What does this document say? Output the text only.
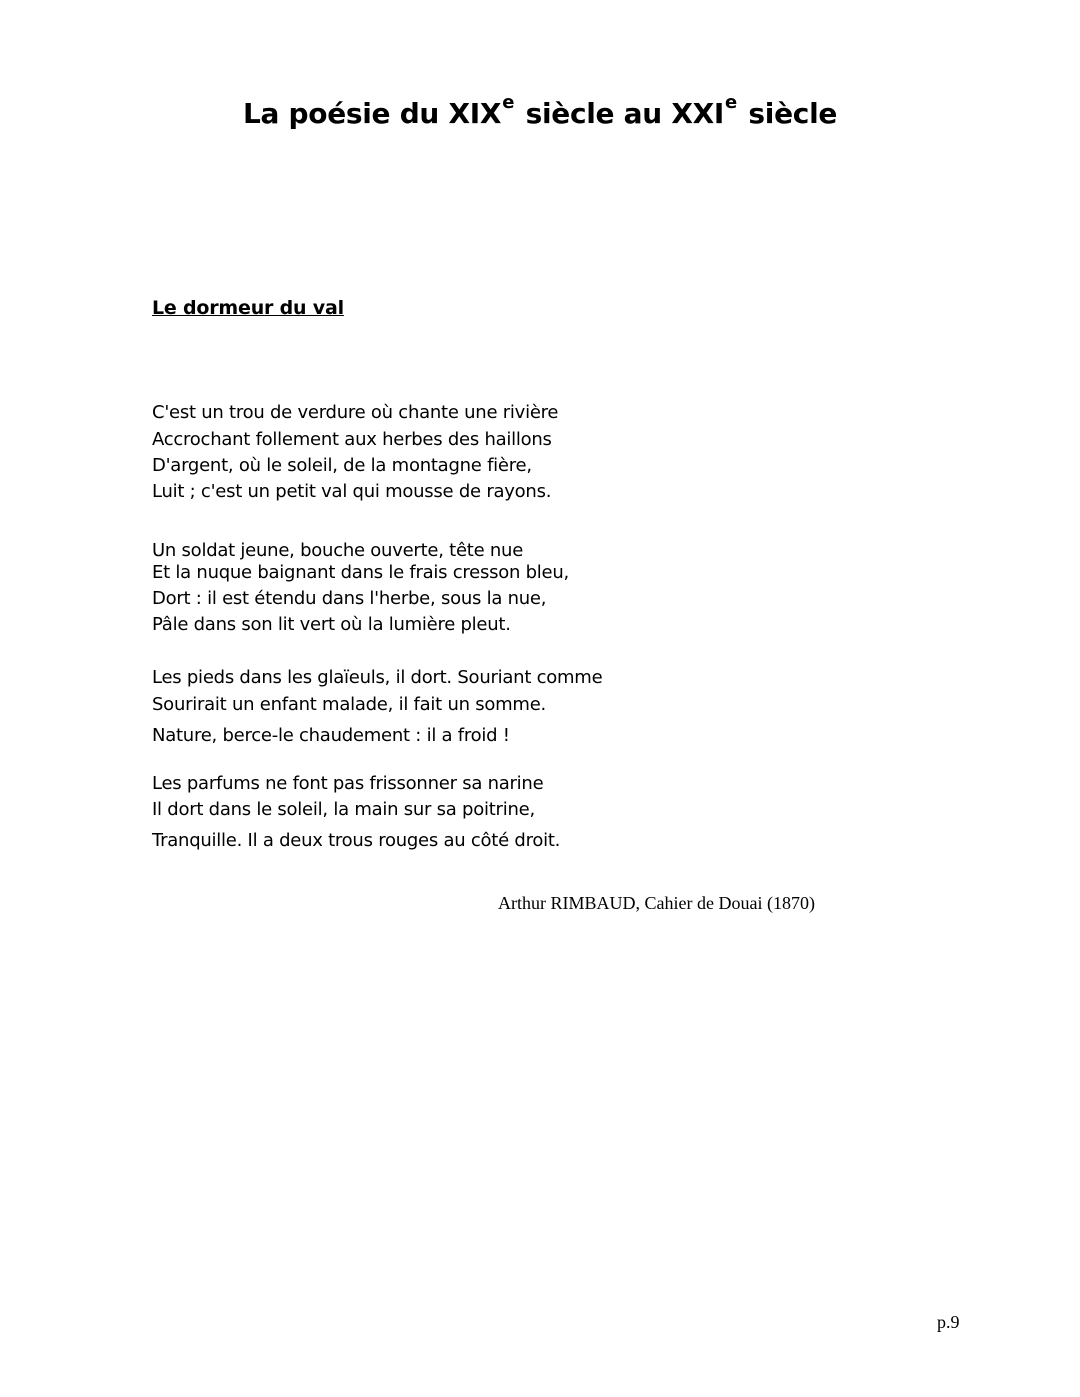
La poésie du XIXe siècle au XXIe siècle
Le dormeur du val
C'est un trou de verdure où chante une rivière
Accrochant follement aux herbes des haillons
D'argent, où le soleil, de la montagne fière,
Luit ; c'est un petit val qui mousse de rayons.
Un soldat jeune, bouche ouverte, tête nue
Et la nuque baignant dans le frais cresson bleu,
Dort : il est étendu dans l'herbe, sous la nue,
Pâle dans son lit vert où la lumière pleut.
Les pieds dans les glaïeuls, il dort. Souriant comme
Sourirait un enfant malade, il fait un somme.
Nature, berce-le chaudement : il a froid !
Les parfums ne font pas frissonner sa narine
Il dort dans le soleil, la main sur sa poitrine,
Tranquille. Il a deux trous rouges au côté droit.
Arthur RIMBAUD, Cahier de Douai (1870)
p.9
